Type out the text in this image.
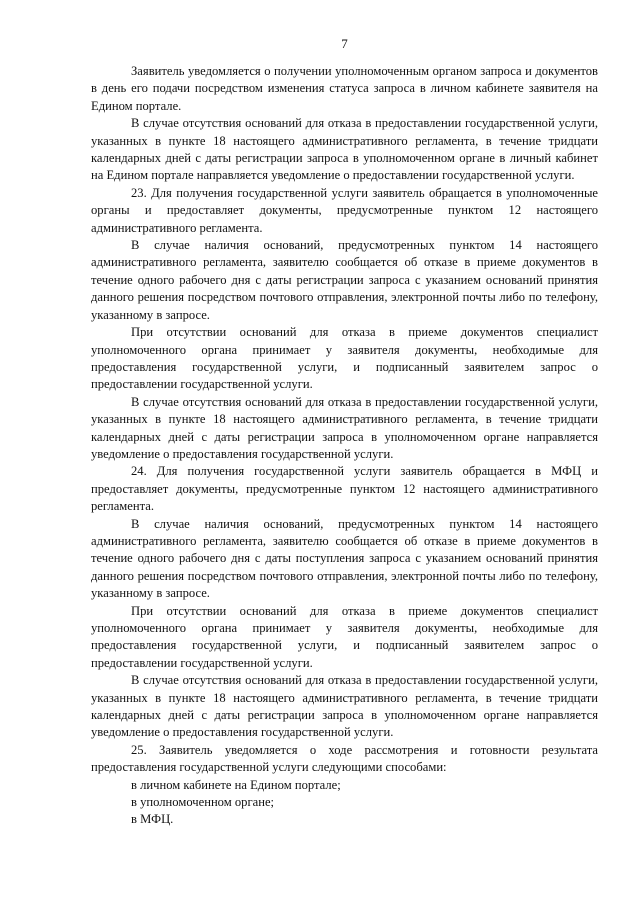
7

Заявитель уведомляется о получении уполномоченным органом запроса и документов в день его подачи посредством изменения статуса запроса в личном кабинете заявителя на Едином портале.

В случае отсутствия оснований для отказа в предоставлении государственной услуги, указанных в пункте 18 настоящего административного регламента, в течение тридцати календарных дней с даты регистрации запроса в уполномоченном органе в личный кабинет на Едином портале направляется уведомление о предоставлении государственной услуги.

23. Для получения государственной услуги заявитель обращается в уполномоченные органы и предоставляет документы, предусмотренные пунктом 12 настоящего административного регламента.

В случае наличия оснований, предусмотренных пунктом 14 настоящего административного регламента, заявителю сообщается об отказе в приеме документов в течение одного рабочего дня с даты регистрации запроса с указанием оснований принятия данного решения посредством почтового отправления, электронной почты либо по телефону, указанному в запросе.

При отсутствии оснований для отказа в приеме документов специалист уполномоченного органа принимает у заявителя документы, необходимые для предоставления государственной услуги, и подписанный заявителем запрос о предоставлении государственной услуги.

В случае отсутствия оснований для отказа в предоставлении государственной услуги, указанных в пункте 18 настоящего административного регламента, в течение тридцати календарных дней с даты регистрации запроса в уполномоченном органе направляется уведомление о предоставления государственной услуги.

24. Для получения государственной услуги заявитель обращается в МФЦ и предоставляет документы, предусмотренные пунктом 12 настоящего административного регламента.

В случае наличия оснований, предусмотренных пунктом 14 настоящего административного регламента, заявителю сообщается об отказе в приеме документов в течение одного рабочего дня с даты поступления запроса с указанием оснований принятия данного решения посредством почтового отправления, электронной почты либо по телефону, указанному в запросе.

При отсутствии оснований для отказа в приеме документов специалист уполномоченного органа принимает у заявителя документы, необходимые для предоставления государственной услуги, и подписанный заявителем запрос о предоставлении государственной услуги.

В случае отсутствия оснований для отказа в предоставлении государственной услуги, указанных в пункте 18 настоящего административного регламента, в течение тридцати календарных дней с даты регистрации запроса в уполномоченном органе направляется уведомление о предоставления государственной услуги.

25. Заявитель уведомляется о ходе рассмотрения и готовности результата предоставления государственной услуги следующими способами:

в личном кабинете на Едином портале;

в уполномоченном органе;

в МФЦ.
